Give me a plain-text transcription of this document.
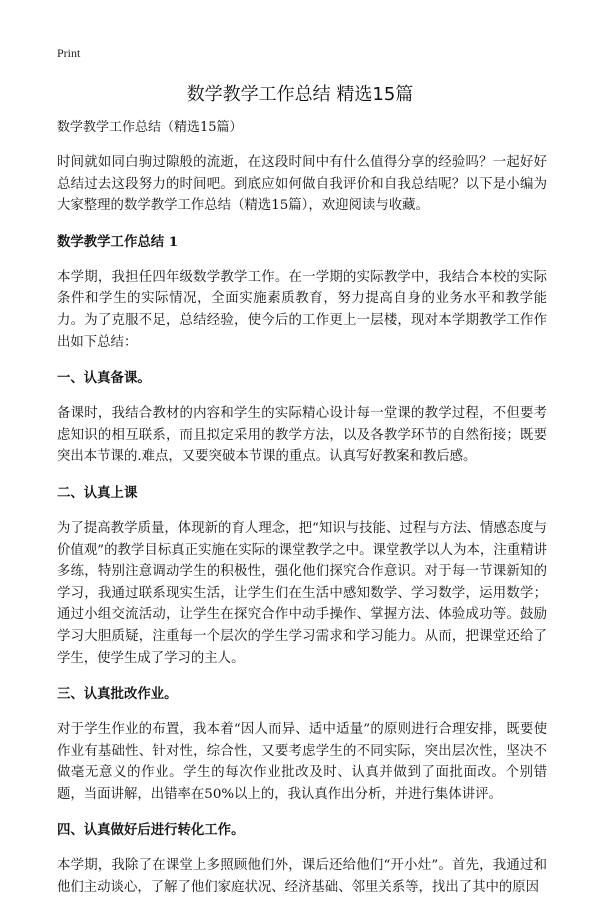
Print
数学教学工作总结 精选15篇

数学教学工作总结（精选15篇）

时间就如同白驹过隙般的流逝，在这段时间中有什么值得分享的经验吗？一起好好总结过去这段努力的时间吧。到底应如何做自我评价和自我总结呢？以下是小编为大家整理的数学教学工作总结（精选15篇），欢迎阅读与收藏。

数学教学工作总结 1

本学期，我担任四年级数学教学工作。在一学期的实际教学中，我结合本校的实际条件和学生的实际情况，全面实施素质教育，努力提高自身的业务水平和教学能力。为了克服不足，总结经验，使今后的工作更上一层楼，现对本学期教学工作作出如下总结：

一、认真备课。

备课时，我结合教材的内容和学生的实际精心设计每一堂课的教学过程，不但要考虑知识的相互联系，而且拟定采用的教学方法，以及各教学环节的自然衔接；既要突出本节课的.难点，又要突破本节课的重点。认真写好教案和教后感。

二、认真上课

为了提高教学质量，体现新的育人理念，把“知识与技能、过程与方法、情感态度与价值观”的教学目标真正实施在实际的课堂教学之中。课堂教学以人为本，注重精讲多练，特别注意调动学生的积极性，强化他们探究合作意识。对于每一节课新知的学习，我通过联系现实生活，让学生们在生活中感知数学、学习数学，运用数学；通过小组交流活动，让学生在探究合作中动手操作、掌握方法、体验成功等。鼓励学习大胆质疑，注重每一个层次的学生学习需求和学习能力。从而，把课堂还给了学生，使学生成了学习的主人。

三、认真批改作业。

对于学生作业的布置，我本着“因人而异、适中适量”的原则进行合理安排，既要使作业有基础性、针对性，综合性，又要考虑学生的不同实际，突出层次性，坚决不做毫无意义的作业。学生的每次作业批改及时、认真并做到了面批面改。个别错题，当面讲解，出错率在50%以上的，我认真作出分析，并进行集体讲评。

四、认真做好后进行转化工作。

本学期，我除了在课堂上多照顾他们外，课后还给他们“开小灶”。首先，我通过和他们主动谈心，了解了他们家庭状况、经济基础、邻里关系等，找出了其中的原因
